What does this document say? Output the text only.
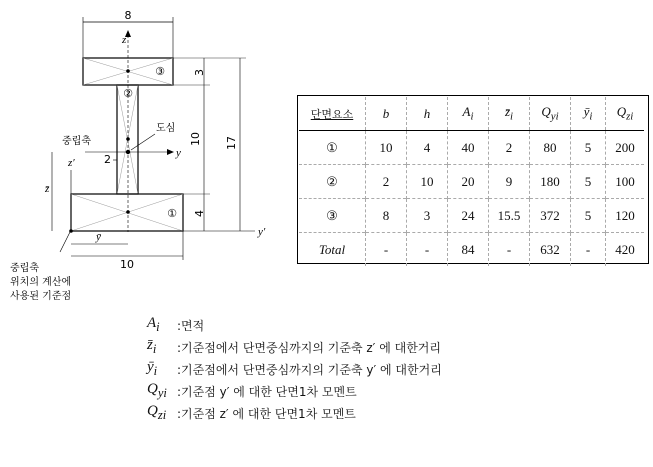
8
③
②
①
z
y
도심
중립축
2
z′
z̄
y′
ȳ
10
중립축
위치의 계산에
사용된 기준점
3
10
4
17
단면요소	b	h	$A_i$	$z̄_i$	$Q_{yi}$	$ȳ_i$	$Q_{zi}$
①	10	4	40	2	80	5	200
②	2	10	20	9	180	5	100
③	8	3	24	15.5	372	5	120
Total	-	-	84	-	632	-	420
$A_i$	:면적
$z̄_i$	:기준점에서 단면중심까지의 기준축 z′ 에 대한거리
$ȳ_i$	:기준점에서 단면중심까지의 기준축 y′ 에 대한거리
$Q_{yi}$ :기준점 y′ 에 대한 단면1차 모멘트
$Q_{zi}$ :기준점 z′ 에 대한 단면1차 모멘트
